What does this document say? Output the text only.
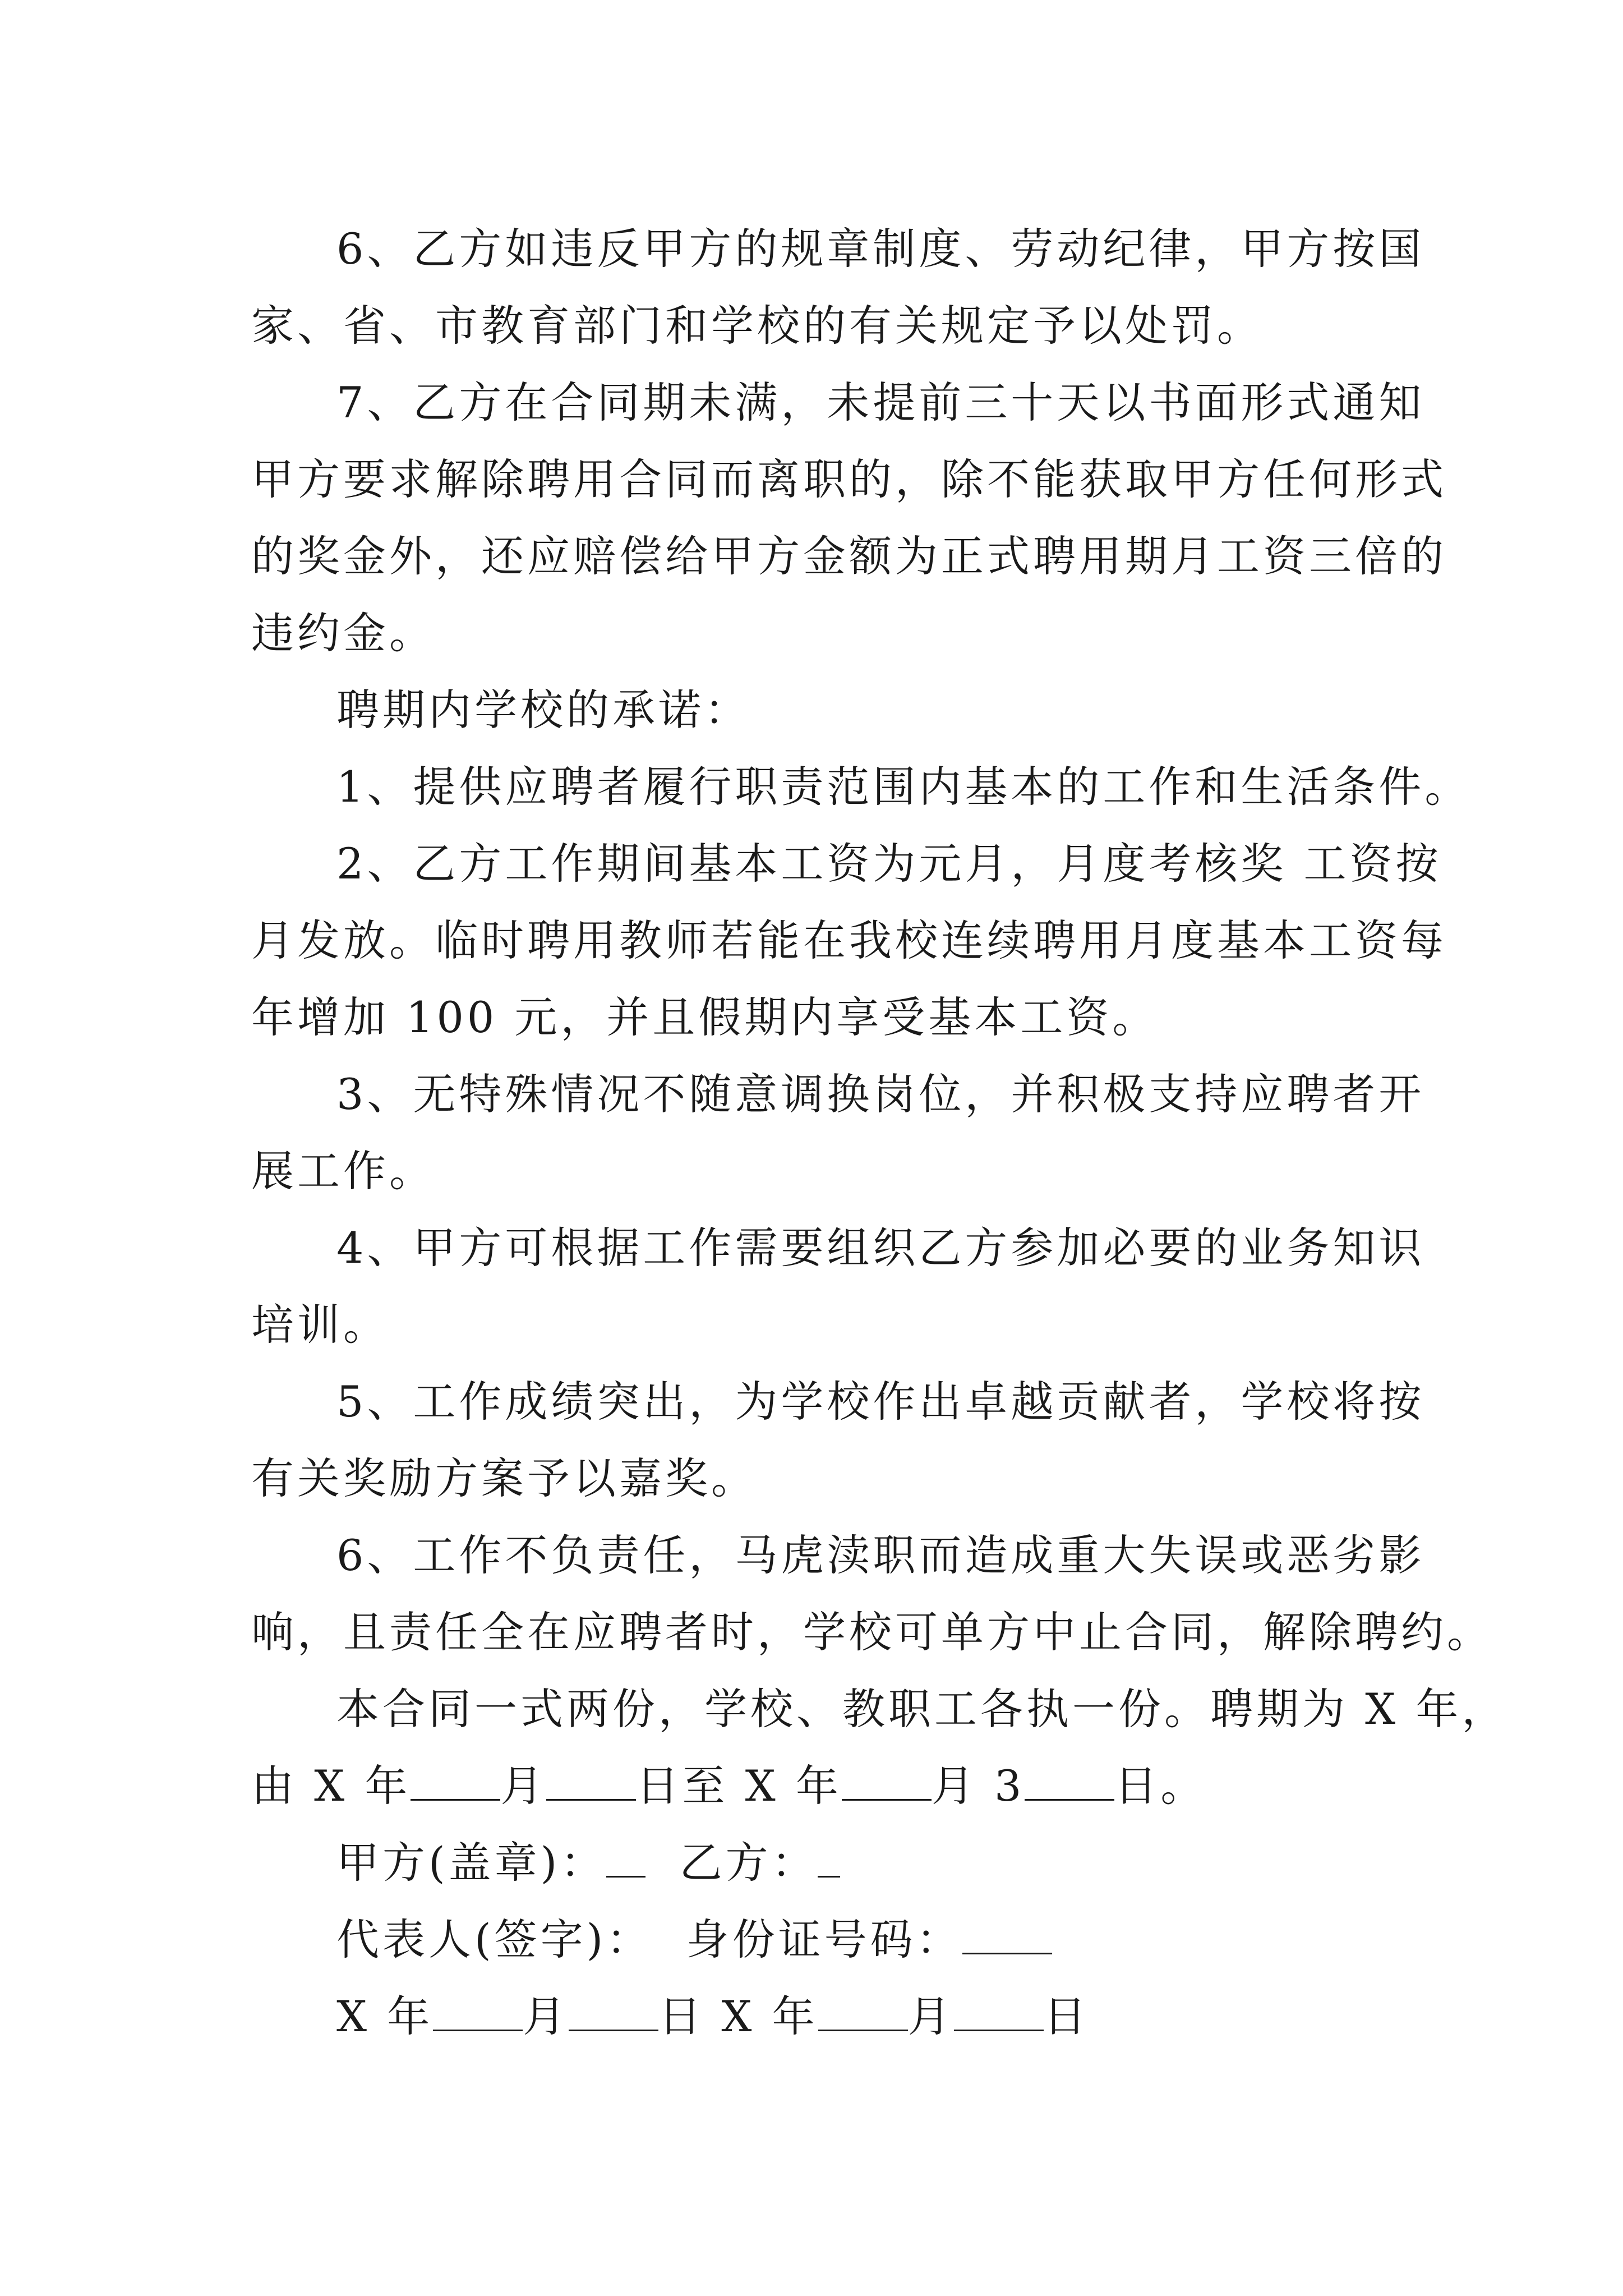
6、乙方如违反甲方的规章制度、劳动纪律，甲方按国
家、省、市教育部门和学校的有关规定予以处罚。
7、乙方在合同期未满，未提前三十天以书面形式通知
甲方要求解除聘用合同而离职的，除不能获取甲方任何形式
的奖金外，还应赔偿给甲方金额为正式聘用期月工资三倍的
违约金。
聘期内学校的承诺：
1、提供应聘者履行职责范围内基本的工作和生活条件。
2、乙方工作期间基本工资为元月，月度考核奖 工资按
月发放。临时聘用教师若能在我校连续聘用月度基本工资每
年增加 100 元，并且假期内享受基本工资。
3、无特殊情况不随意调换岗位，并积极支持应聘者开
展工作。
4、甲方可根据工作需要组织乙方参加必要的业务知识
培训。
5、工作成绩突出，为学校作出卓越贡献者，学校将按
有关奖励方案予以嘉奖。
6、工作不负责任，马虎渎职而造成重大失误或恶劣影
响，且责任全在应聘者时，学校可单方中止合同，解除聘约。
本合同一式两份，学校、教职工各执一份。聘期为 X 年，
由 X 年 月 日至 X 年 月 3 日。
甲方(盖章)： 乙方：
代表人(签字)： 身份证号码：
X 年 月 日 X 年 月 日
